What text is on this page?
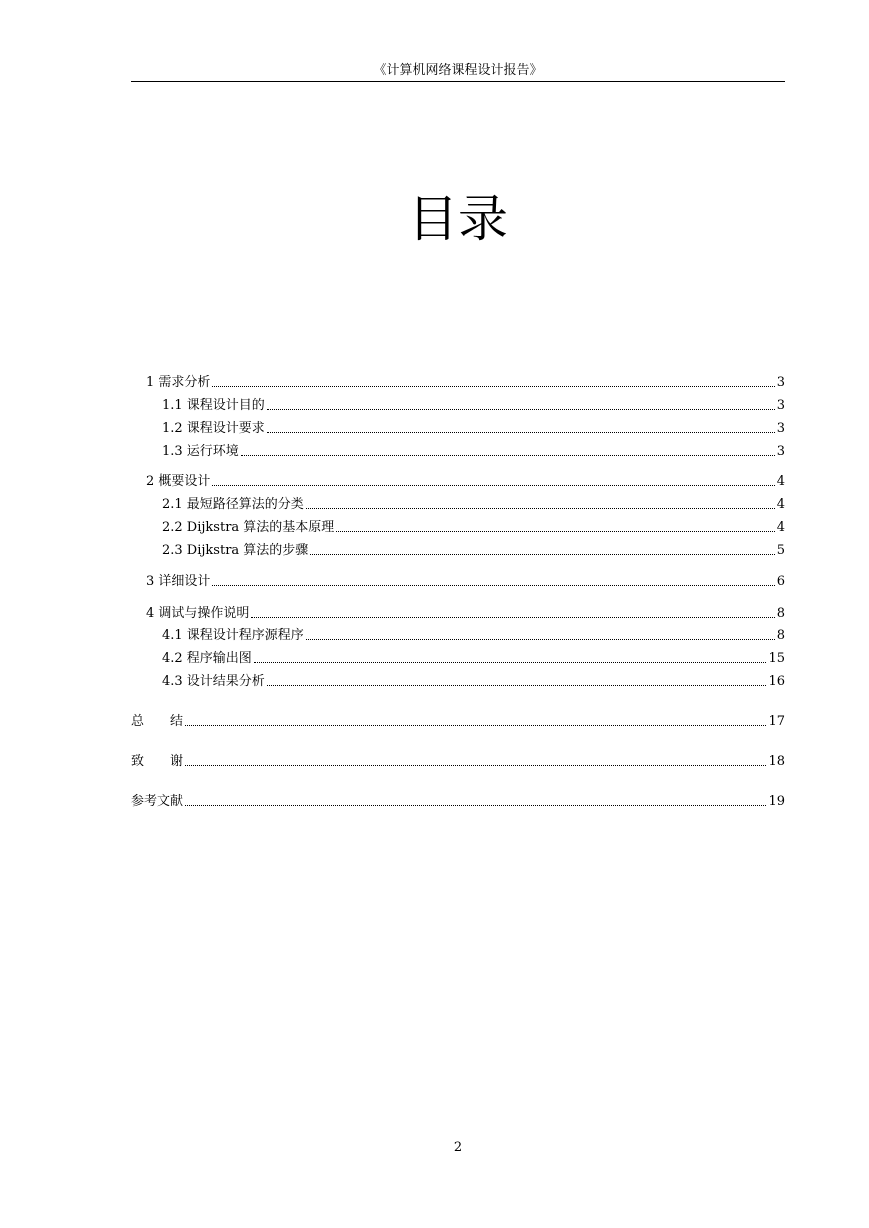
《计算机网络课程设计报告》
目录
1 需求分析	3
1.1 课程设计目的	3
1.2 课程设计要求	3
1.3 运行环境	3
2 概要设计	4
2.1 最短路径算法的分类	4
2.2 Dijkstra 算法的基本原理	4
2.3 Dijkstra 算法的步骤	5
3 详细设计	6
4 调试与操作说明	8
4.1 课程设计程序源程序	8
4.2 程序输出图	15
4.3 设计结果分析	16
总　　结	17
致　　谢	18
参考文献	19
2
